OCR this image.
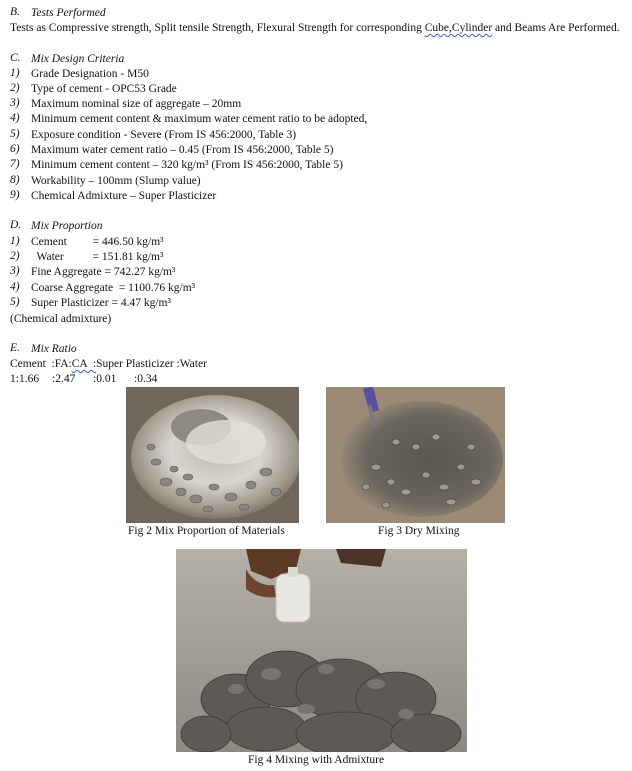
B. Tests Performed
Tests as Compressive strength, Split tensile Strength, Flexural Strength for corresponding Cube,Cylinder and Beams Are Performed.
C. Mix Design Criteria
1) Grade Designation - M50
2) Type of cement - OPC53 Grade
3) Maximum nominal size of aggregate – 20mm
4) Minimum cement content & maximum water cement ratio to be adopted,
5) Exposure condition - Severe (From IS 456:2000, Table 3)
6) Maximum water cement ratio – 0.45 (From IS 456:2000, Table 5)
7) Minimum cement content – 320 kg/m³ (From IS 456:2000, Table 5)
8) Workability – 100mm (Slump value)
9) Chemical Admixture – Super Plasticizer
D. Mix Proportion
1) Cement         = 446.50 kg/m³
2) Water          = 151.81 kg/m³
3) Fine Aggregate = 742.27 kg/m³
4) Coarse Aggregate  = 1100.76 kg/m³
5) Super Plasticizer = 4.47 kg/m³
(Chemical admixture)
E. Mix Ratio
Cement  :FA:CA  :Super Plasticizer :Water
1:1.66 :2.47 :0.01 :0.34
Fig 2 Mix Proportion of Materials	Fig 3 Dry Mixing
Fig 4 Mixing with Admixture
